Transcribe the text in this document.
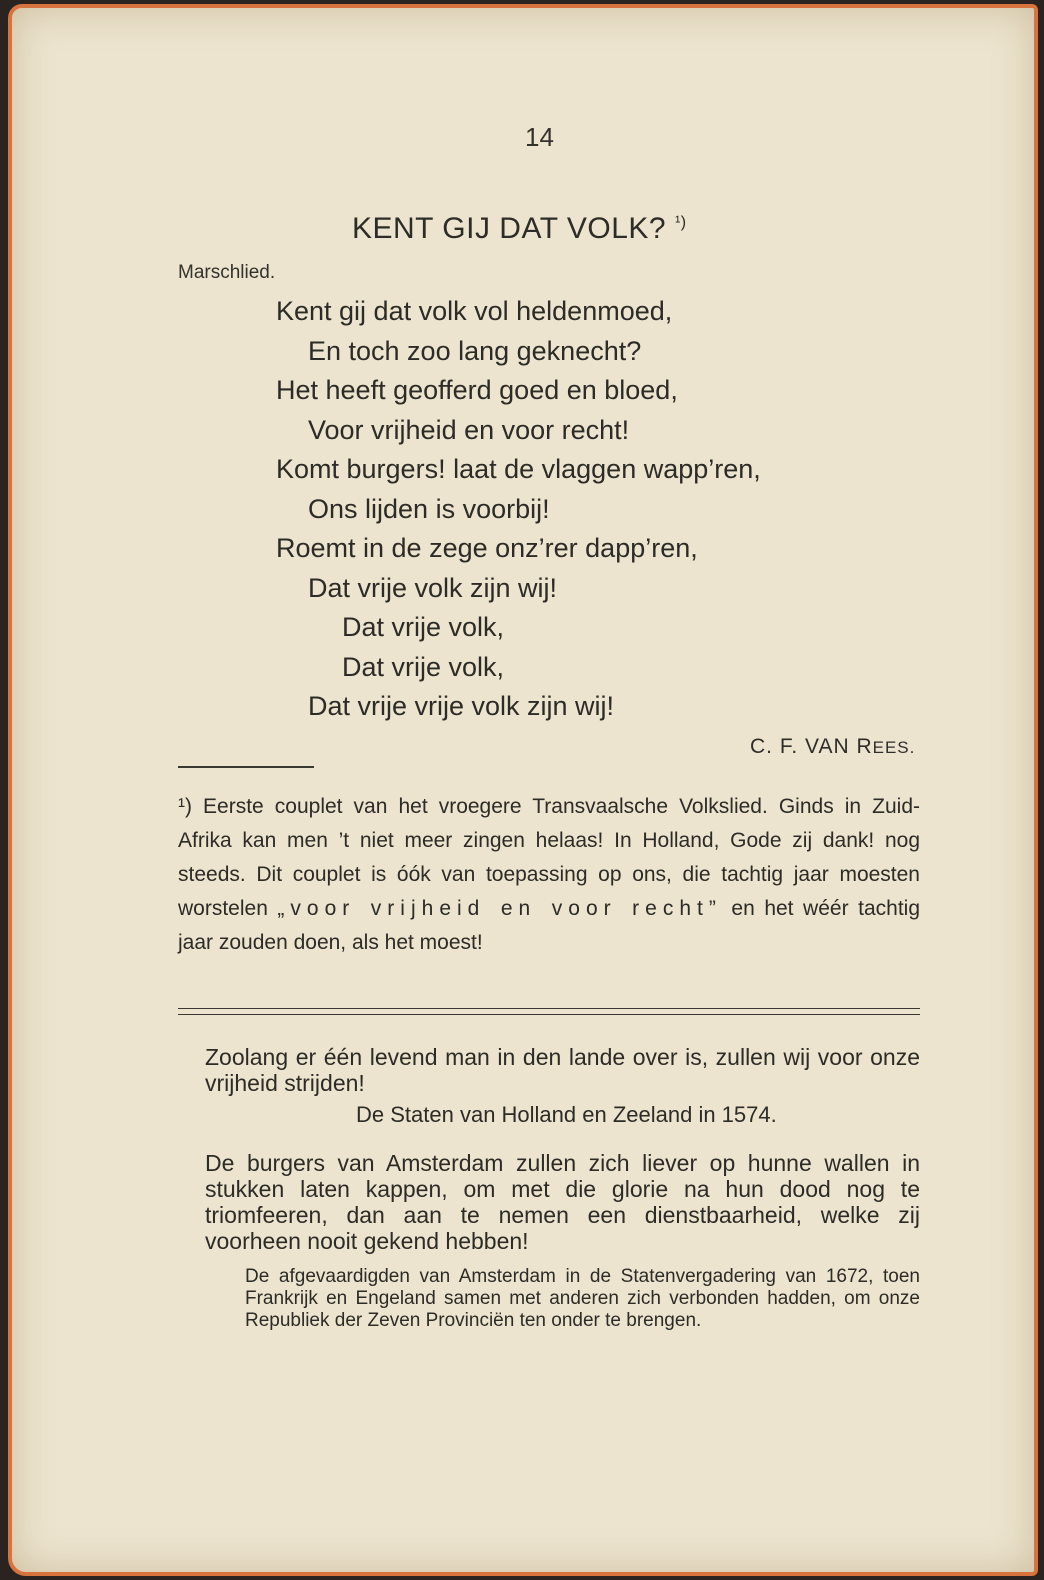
14
KENT GIJ DAT VOLK? $^{^1)}$
Marschlied.
Kent gij dat volk vol heldenmoed,
En toch zoo lang geknecht?
Het heeft geofferd goed en bloed,
Voor vrijheid en voor recht!
Komt burgers! laat de vlaggen wapp’ren,
Ons lijden is voorbij!
Roemt in de zege onz’rer dapp’ren,
Dat vrije volk zijn wij!
Dat vrije volk,
Dat vrije volk,
Dat vrije vrije volk zijn wij!
C. F. VAN REES.

¹) Eerste couplet van het vroegere Transvaalsche Volkslied. Ginds in Zuid-Afrika kan men ’t niet meer zingen helaas! In Holland, Gode zij dank! nog steeds. Dit couplet is óók van toepassing op ons, die tachtig jaar moesten worstelen „voor vrijheid en voor recht” en het wéér tachtig jaar zouden doen, als het moest!

Zoolang er één levend man in den lande over is, zullen wij voor onze vrijheid strijden!

De Staten van Holland en Zeeland in 1574.

De burgers van Amsterdam zullen zich liever op hunne wallen in stukken laten kappen, om met die glorie na hun dood nog te triomfeeren, dan aan te nemen een dienstbaarheid, welke zij voorheen nooit gekend hebben!

De afgevaardigden van Amsterdam in de Statenvergadering van 1672, toen Frankrijk en Engeland samen met anderen zich verbonden hadden, om onze Republiek der Zeven Provinciën ten onder te brengen.
